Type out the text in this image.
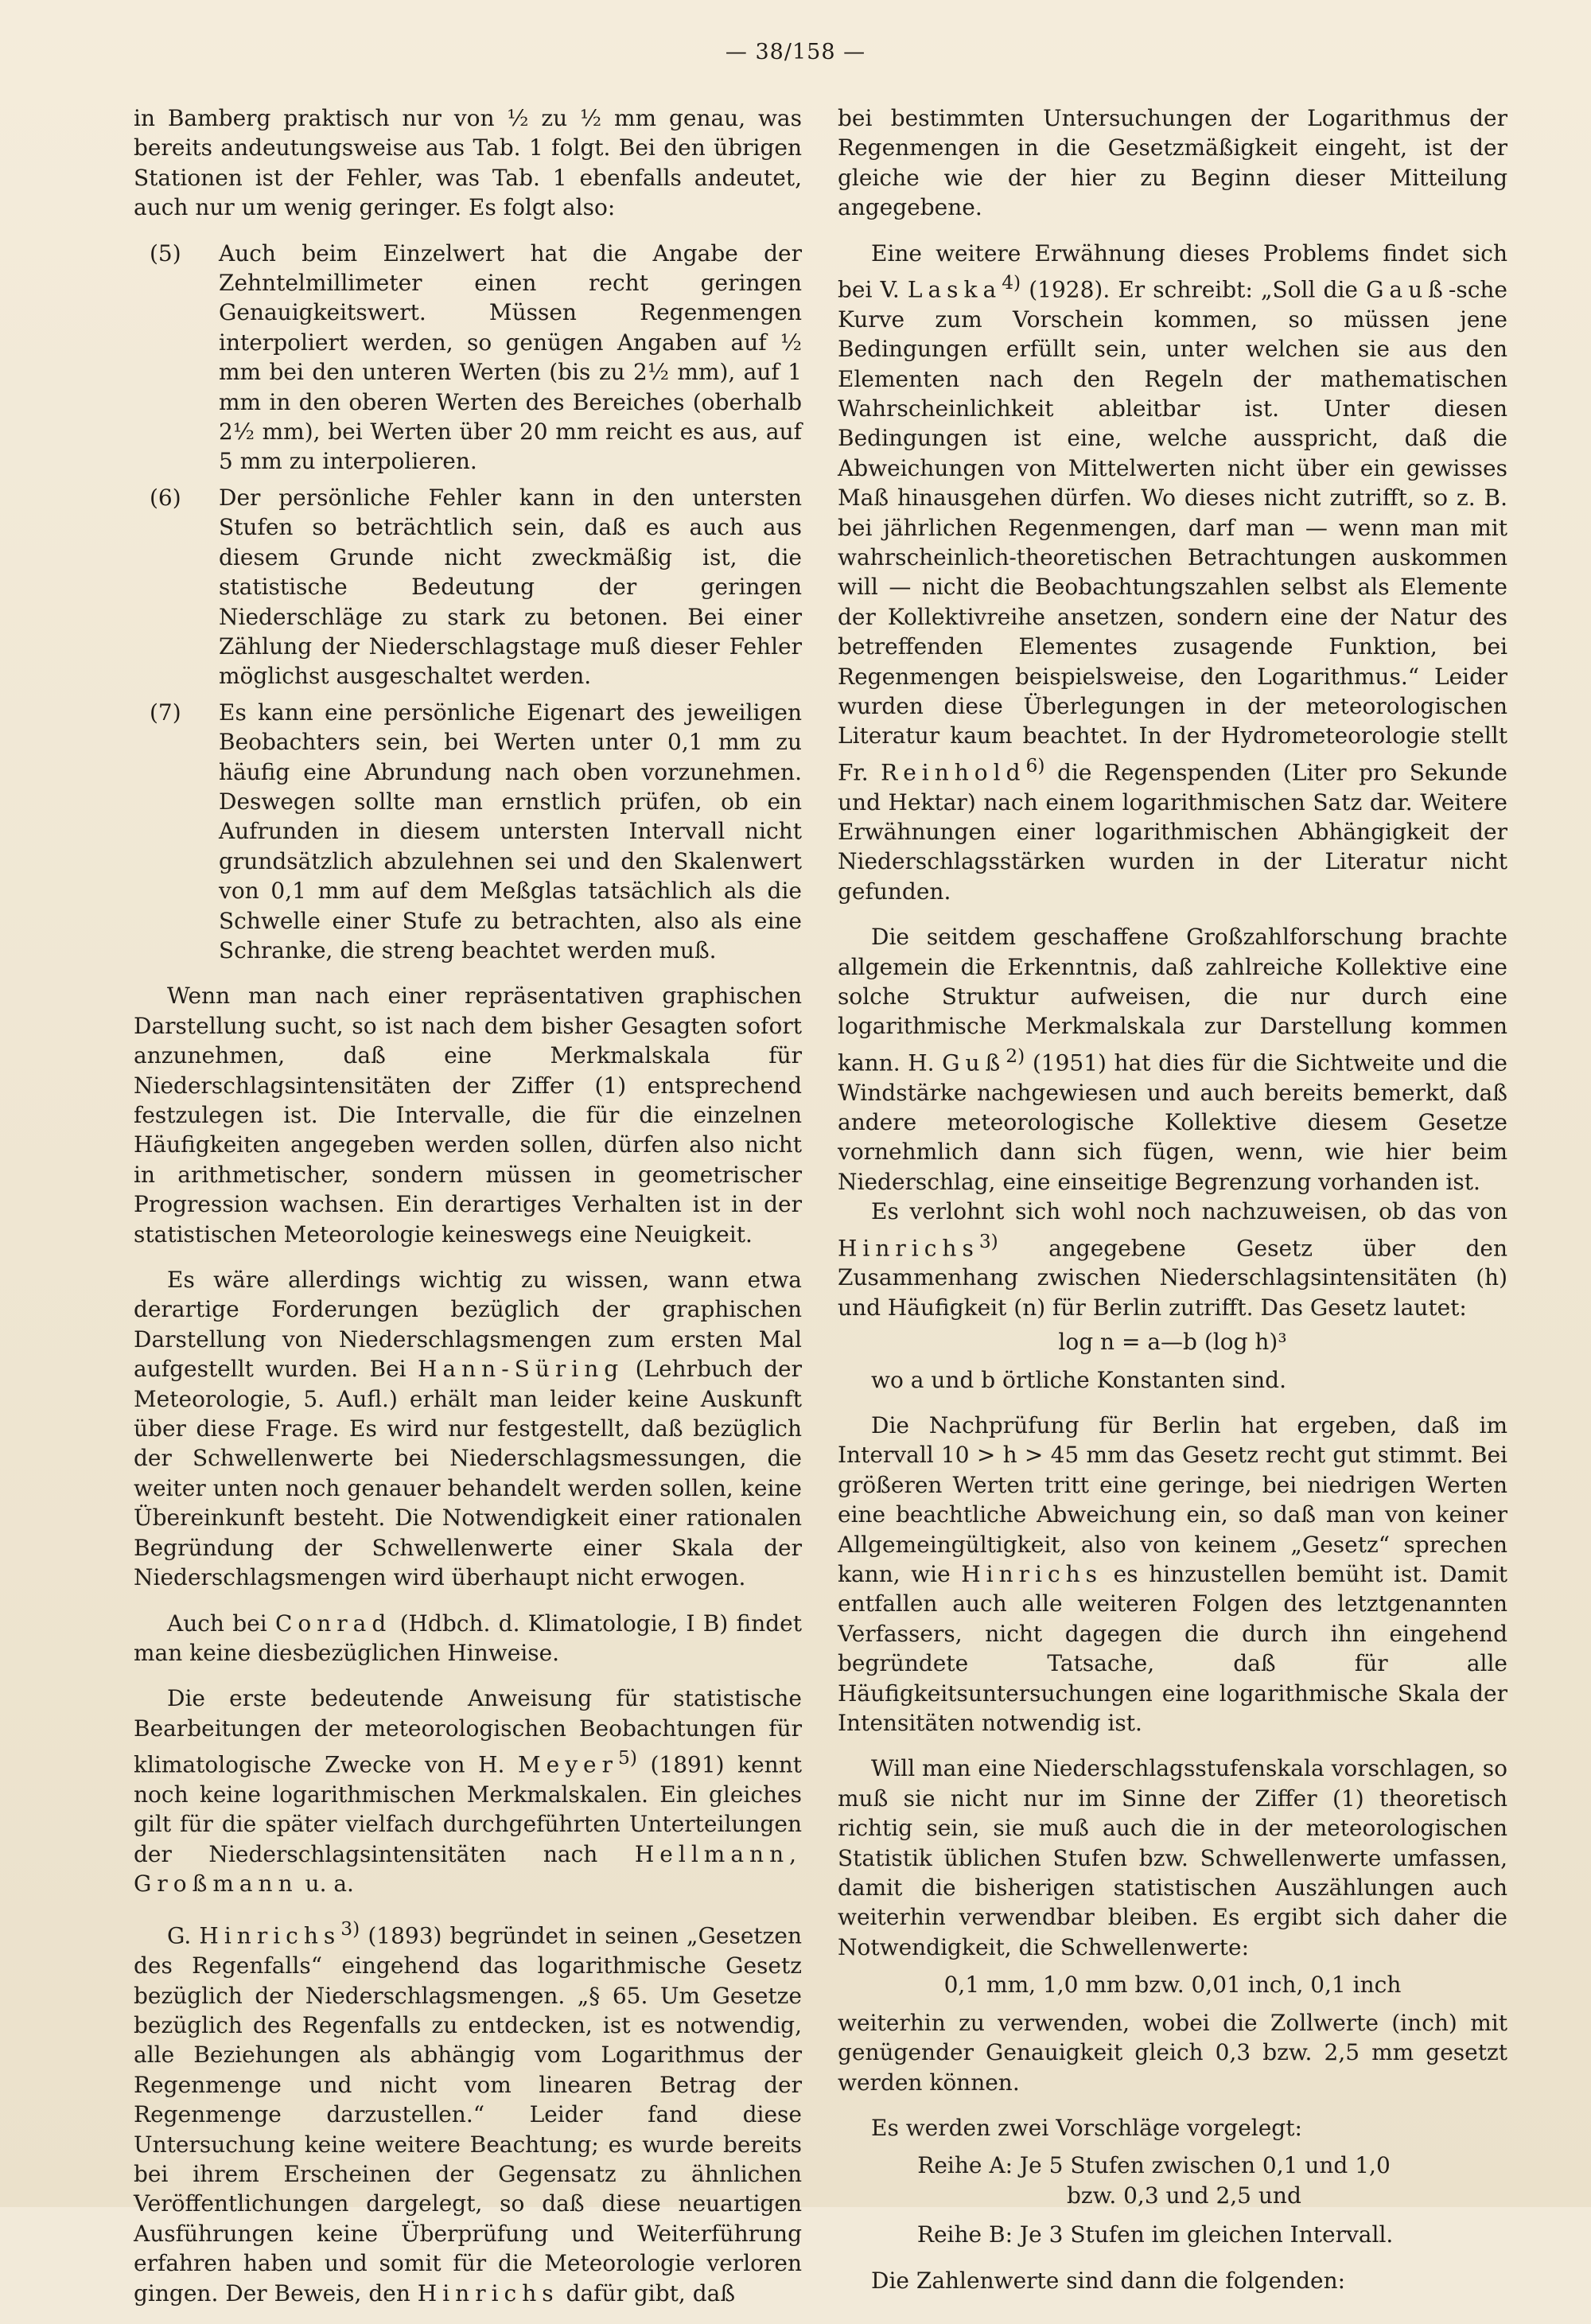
— 38/158 —

in Bamberg praktisch nur von ½ zu ½ mm genau, was bereits andeutungsweise aus Tab. 1 folgt. Bei den übrigen Stationen ist der Fehler, was Tab. 1 ebenfalls andeutet, auch nur um wenig geringer. Es folgt also:

(5) Auch beim Einzelwert hat die Angabe der Zehntelmillimeter einen recht geringen Genauigkeitswert. Müssen Regenmengen interpoliert werden, so genügen Angaben auf ½ mm bei den unteren Werten (bis zu 2½ mm), auf 1 mm in den oberen Werten des Bereiches (oberhalb 2½ mm), bei Werten über 20 mm reicht es aus, auf 5 mm zu interpolieren.

(6) Der persönliche Fehler kann in den untersten Stufen so beträchtlich sein, daß es auch aus diesem Grunde nicht zweckmäßig ist, die statistische Bedeutung der geringen Niederschläge zu stark zu betonen. Bei einer Zählung der Niederschlagstage muß dieser Fehler möglichst ausgeschaltet werden.

(7) Es kann eine persönliche Eigenart des jeweiligen Beobachters sein, bei Werten unter 0,1 mm zu häufig eine Abrundung nach oben vorzunehmen. Deswegen sollte man ernstlich prüfen, ob ein Aufrunden in diesem untersten Intervall nicht grundsätzlich abzulehnen sei und den Skalenwert von 0,1 mm auf dem Meßglas tatsächlich als die Schwelle einer Stufe zu betrachten, also als eine Schranke, die streng beachtet werden muß.

Wenn man nach einer repräsentativen graphischen Darstellung sucht, so ist nach dem bisher Gesagten sofort anzunehmen, daß eine Merkmalskala für Niederschlagsintensitäten der Ziffer (1) entsprechend festzulegen ist. Die Intervalle, die für die einzelnen Häufigkeiten angegeben werden sollen, dürfen also nicht in arithmetischer, sondern müssen in geometrischer Progression wachsen. Ein derartiges Verhalten ist in der statistischen Meteorologie keineswegs eine Neuigkeit.

Es wäre allerdings wichtig zu wissen, wann etwa derartige Forderungen bezüglich der graphischen Darstellung von Niederschlagsmengen zum ersten Mal aufgestellt wurden. Bei Hann-Süring (Lehrbuch der Meteorologie, 5. Aufl.) erhält man leider keine Auskunft über diese Frage. Es wird nur festgestellt, daß bezüglich der Schwellenwerte bei Niederschlagsmessungen, die weiter unten noch genauer behandelt werden sollen, keine Übereinkunft besteht. Die Notwendigkeit einer rationalen Begründung der Schwellenwerte einer Skala der Niederschlagsmengen wird überhaupt nicht erwogen.

Auch bei Conrad (Hdbch. d. Klimatologie, I B) findet man keine diesbezüglichen Hinweise.

Die erste bedeutende Anweisung für statistische Bearbeitungen der meteorologischen Beobachtungen für klimatologische Zwecke von H. Meyer$^{5)}$ (1891) kennt noch keine logarithmischen Merkmalskalen. Ein gleiches gilt für die später vielfach durchgeführten Unterteilungen der Niederschlagsintensitäten nach Hellmann, Großmann u. a.

G. Hinrichs$^{3)}$ (1893) begründet in seinen „Gesetzen des Regenfalls“ eingehend das logarithmische Gesetz bezüglich der Niederschlagsmengen. „§ 65. Um Gesetze bezüglich des Regenfalls zu entdecken, ist es notwendig, alle Beziehungen als abhängig vom Logarithmus der Regenmenge und nicht vom linearen Betrag der Regenmenge darzustellen.“ Leider fand diese Untersuchung keine weitere Beachtung; es wurde bereits bei ihrem Erscheinen der Gegensatz zu ähnlichen Veröffentlichungen dargelegt, so daß diese neuartigen Ausführungen keine Überprüfung und Weiterführung erfahren haben und somit für die Meteorologie verloren gingen. Der Beweis, den Hinrichs dafür gibt, daß

bei bestimmten Untersuchungen der Logarithmus der Regenmengen in die Gesetzmäßigkeit eingeht, ist der gleiche wie der hier zu Beginn dieser Mitteilung angegebene.

Eine weitere Erwähnung dieses Problems findet sich bei V. Laska$^{4)}$ (1928). Er schreibt: „Soll die Gauß-sche Kurve zum Vorschein kommen, so müssen jene Bedingungen erfüllt sein, unter welchen sie aus den Elementen nach den Regeln der mathematischen Wahrscheinlichkeit ableitbar ist. Unter diesen Bedingungen ist eine, welche ausspricht, daß die Abweichungen von Mittelwerten nicht über ein gewisses Maß hinausgehen dürfen. Wo dieses nicht zutrifft, so z. B. bei jährlichen Regenmengen, darf man — wenn man mit wahrscheinlich-theoretischen Betrachtungen auskommen will — nicht die Beobachtungszahlen selbst als Elemente der Kollektivreihe ansetzen, sondern eine der Natur des betreffenden Elementes zusagende Funktion, bei Regenmengen beispielsweise, den Logarithmus.“ Leider wurden diese Überlegungen in der meteorologischen Literatur kaum beachtet. In der Hydrometeorologie stellt Fr. Reinhold$^{6)}$ die Regenspenden (Liter pro Sekunde und Hektar) nach einem logarithmischen Satz dar. Weitere Erwähnungen einer logarithmischen Abhängigkeit der Niederschlagsstärken wurden in der Literatur nicht gefunden.

Die seitdem geschaffene Großzahlforschung brachte allgemein die Erkenntnis, daß zahlreiche Kollektive eine solche Struktur aufweisen, die nur durch eine logarithmische Merkmalskala zur Darstellung kommen kann. H. Guß$^{2)}$ (1951) hat dies für die Sichtweite und die Windstärke nachgewiesen und auch bereits bemerkt, daß andere meteorologische Kollektive diesem Gesetze vornehmlich dann sich fügen, wenn, wie hier beim Niederschlag, eine einseitige Begrenzung vorhanden ist.

Es verlohnt sich wohl noch nachzuweisen, ob das von Hinrichs$^{3)}$ angegebene Gesetz über den Zusammenhang zwischen Niederschlagsintensitäten (h) und Häufigkeit (n) für Berlin zutrifft. Das Gesetz lautet:

log n = a—b (log h)³

wo a und b örtliche Konstanten sind.

Die Nachprüfung für Berlin hat ergeben, daß im Intervall 10 > h > 45 mm das Gesetz recht gut stimmt. Bei größeren Werten tritt eine geringe, bei niedrigen Werten eine beachtliche Abweichung ein, so daß man von keiner Allgemeingültigkeit, also von keinem „Gesetz“ sprechen kann, wie Hinrichs es hinzustellen bemüht ist. Damit entfallen auch alle weiteren Folgen des letztgenannten Verfassers, nicht dagegen die durch ihn eingehend begründete Tatsache, daß für alle Häufigkeitsuntersuchungen eine logarithmische Skala der Intensitäten notwendig ist.

Will man eine Niederschlagsstufenskala vorschlagen, so muß sie nicht nur im Sinne der Ziffer (1) theoretisch richtig sein, sie muß auch die in der meteorologischen Statistik üblichen Stufen bzw. Schwellenwerte umfassen, damit die bisherigen statistischen Auszählungen auch weiterhin verwendbar bleiben. Es ergibt sich daher die Notwendigkeit, die Schwellenwerte:

0,1 mm, 1,0 mm bzw. 0,01 inch, 0,1 inch

weiterhin zu verwenden, wobei die Zollwerte (inch) mit genügender Genauigkeit gleich 0,3 bzw. 2,5 mm gesetzt werden können.

Es werden zwei Vorschläge vorgelegt:

Reihe A: Je 5 Stufen zwischen 0,1 und 1,0

bzw. 0,3 und 2,5 und

Reihe B: Je 3 Stufen im gleichen Intervall.

Die Zahlenwerte sind dann die folgenden:
